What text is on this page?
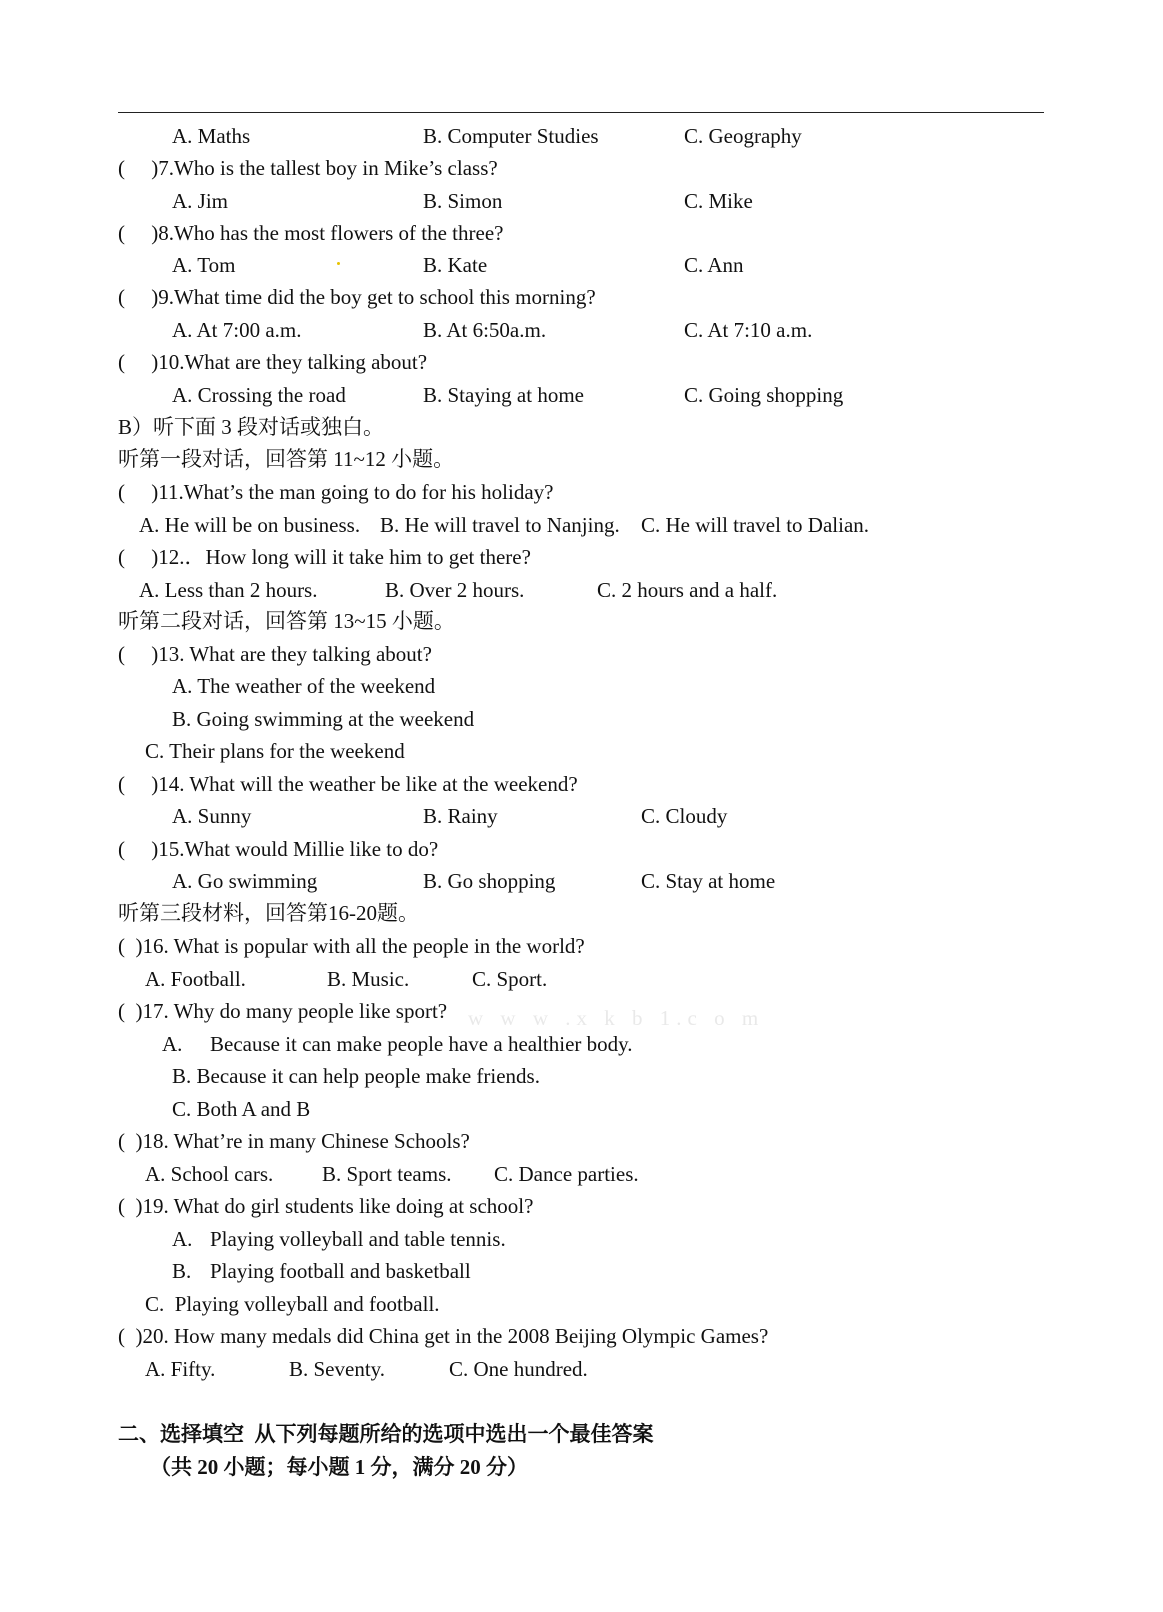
A. Maths	B. Computer Studies	C. Geography
(     )7.Who is the tallest boy in Mike’s class?
A. Jim	B. Simon	C. Mike
(     )8.Who has the most flowers of the three?
A. Tom	B. Kate	C. Ann
(     )9.What time did the boy get to school this morning?
A. At 7:00 a.m.	B. At 6:50a.m.	C. At 7:10 a.m.
(     )10.What are they talking about?
A. Crossing the road	B. Staying at home	C. Going shopping
B）听下面 3 段对话或独白。
听第一段对话，回答第 11~12 小题。
(     )11.What’s the man going to do for his holiday?
A. He will be on business. B. He will travel to Nanjing. C. He will travel to Dalian.
(     )12.．How long will it take him to get there?
A. Less than 2 hours.	B. Over 2 hours.	C. 2 hours and a half.
听第二段对话，回答第 13~15 小题。
(     )13. What are they talking about?
A. The weather of the weekend
B. Going swimming at the weekend
C. Their plans for the weekend
(     )14. What will the weather be like at the weekend?
A. Sunny	B. Rainy	C. Cloudy
(     )15.What would Millie like to do?
A. Go swimming	B. Go shopping	C. Stay at home
听第三段材料，回答第16-20题。
(  )16. What is popular with all the people in the world?
A. Football.	B. Music.	C. Sport.
(  )17. Why do many people like sport? w w w .x k b 1.c o m
A. Because it can make people have a healthier body.
B. Because it can help people make friends.
C. Both A and B
(  )18. What’re in many Chinese Schools?
A. School cars. B. Sport teams. C. Dance parties.
(  )19. What do girl students like doing at school?
A. Playing volleyball and table tennis.
B. Playing football and basketball
C.  Playing volleyball and football.
(  )20. How many medals did China get in the 2008 Beijing Olympic Games?
A. Fifty.	B. Seventy.	C. One hundred.
二、选择填空  从下列每题所给的选项中选出一个最佳答案
（共 20 小题；每小题 1 分，满分 20 分）
